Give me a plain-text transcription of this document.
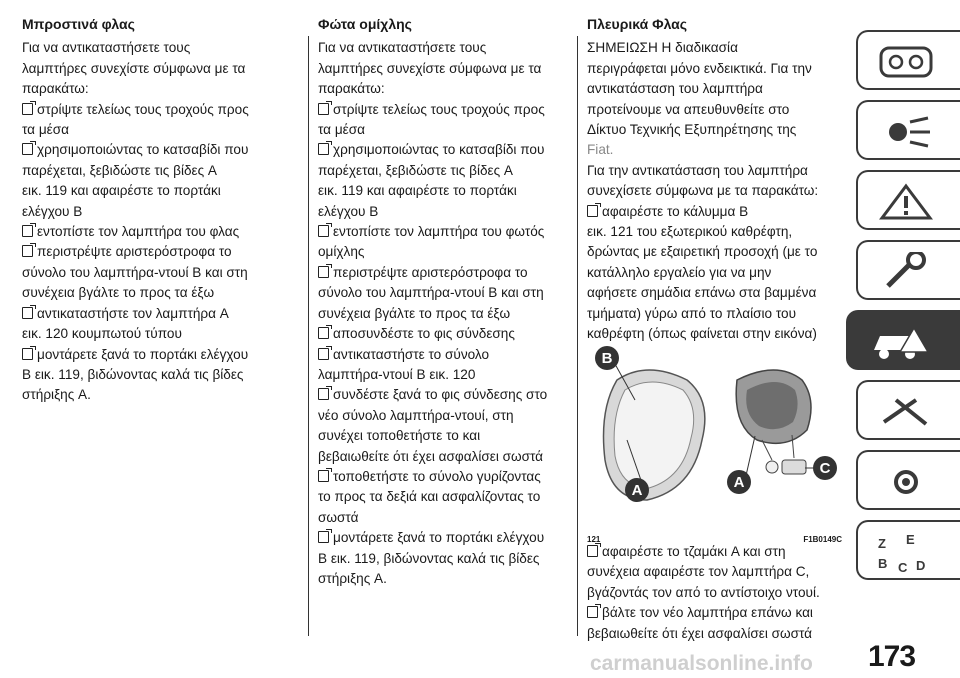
Μπροστινά φλας
Για να αντικαταστήσετε τους
λαμπτήρες συνεχίστε σύμφωνα με τα
παρακάτω:
στρίψτε τελείως τους τροχούς προς
τα μέσα
χρησιμοποιώντας το κατσαβίδι που
παρέχεται, ξεβιδώστε τις βίδες A
εικ. 119 και αφαιρέστε το πορτάκι
ελέγχου B
εντοπίστε τον λαμπτήρα του φλας
περιστρέψτε αριστερόστροφα το
σύνολο του λαμπτήρα-ντουί B και στη
συνέχεια βγάλτε το προς τα έξω
αντικαταστήστε τον λαμπτήρα A
εικ. 120 κουμπωτού τύπου
μοντάρετε ξανά το πορτάκι ελέγχου
B εικ. 119, βιδώνοντας καλά τις βίδες
στήριξης A.
Φώτα ομίχλης
Για να αντικαταστήσετε τους
λαμπτήρες συνεχίστε σύμφωνα με τα
παρακάτω:
στρίψτε τελείως τους τροχούς προς
τα μέσα
χρησιμοποιώντας το κατσαβίδι που
παρέχεται, ξεβιδώστε τις βίδες A
εικ. 119 και αφαιρέστε το πορτάκι
ελέγχου B
εντοπίστε τον λαμπτήρα του φωτός
ομίχλης
περιστρέψτε αριστερόστροφα το
σύνολο του λαμπτήρα-ντουί B και στη
συνέχεια βγάλτε το προς τα έξω
αποσυνδέστε το φις σύνδεσης
αντικαταστήστε το σύνολο
λαμπτήρα-ντουί B εικ. 120
συνδέστε ξανά το φις σύνδεσης στο
νέο σύνολο λαμπτήρα-ντουί, στη
συνέχει τοποθετήστε το και
βεβαιωθείτε ότι έχει ασφαλίσει σωστά
τοποθετήστε το σύνολο γυρίζοντας
το προς τα δεξιά και ασφαλίζοντας το
σωστά
μοντάρετε ξανά το πορτάκι ελέγχου
B εικ. 119, βιδώνοντας καλά τις βίδες
στήριξης A.
Πλευρικά Φλας
ΣΗΜΕΙΩΣΗ Η διαδικασία
περιγράφεται μόνο ενδεικτικά. Για την
αντικατάσταση του λαμπτήρα
προτείνουμε να απευθυνθείτε στο
Δίκτυο Τεχνικής Εξυπηρέτησης της
Fiat.
Για την αντικατάσταση του λαμπτήρα
συνεχίσετε σύμφωνα με τα παρακάτω:
αφαιρέστε το κάλυμμα B
εικ. 121 του εξωτερικού καθρέφτη,
δρώντας με εξαιρετική προσοχή (με το
κατάλληλο εργαλείο για να μην
αφήσετε σημάδια επάνω στα βαμμένα
τμήματα) γύρω από το πλαίσιο του
καθρέφτη (όπως φαίνεται στην εικόνα)
αφαιρέστε το τζαμάκι A και στη
συνέχεια αφαιρέστε τον λαμπτήρα C,
βγάζοντάς τον από το αντίστοιχο ντουί.
βάλτε τον νέο λαμπτήρα επάνω και
βεβαιωθείτε ότι έχει ασφαλίσει σωστά
B
A	A
C
121	F1B0149C	Z E
B C D
173
carmanualsonline.info
